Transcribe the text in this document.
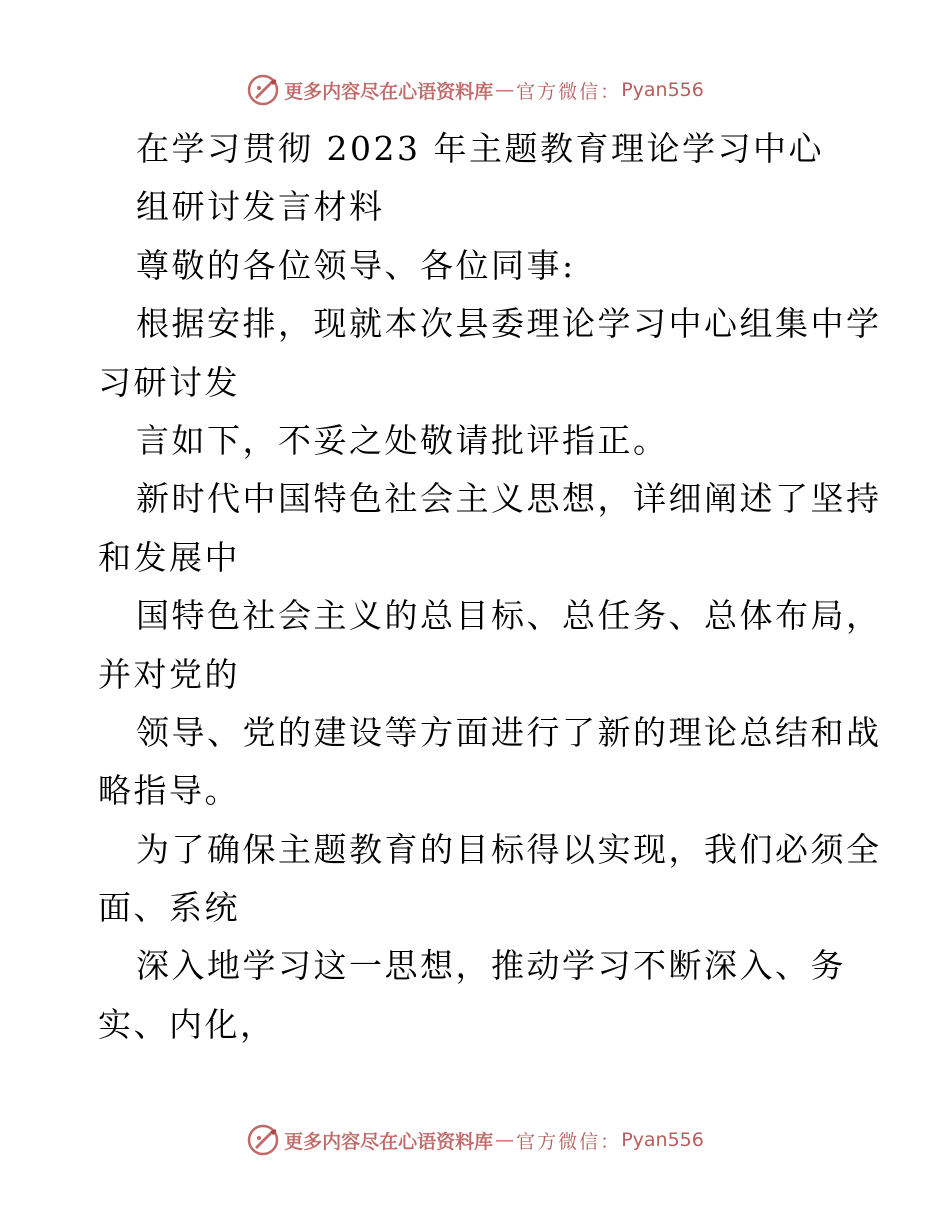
更多内容尽在心语资料库 — 官方微信： Pyan556
在学习贯彻 2023 年主题教育理论学习中心
组研讨发言材料
尊敬的各位领导、各位同事:
根据安排，现就本次县委理论学习中心组集中学
习研讨发
言如下，不妥之处敬请批评指正。
新时代中国特色社会主义思想，详细阐述了坚持
和发展中
国特色社会主义的总目标、总任务、总体布局，
并对党的
领导、党的建设等方面进行了新的理论总结和战
略指导。
为了确保主题教育的目标得以实现，我们必须全
面、系统
深入地学习这一思想，推动学习不断深入、务
实、内化，
更多内容尽在心语资料库 — 官方微信： Pyan556
